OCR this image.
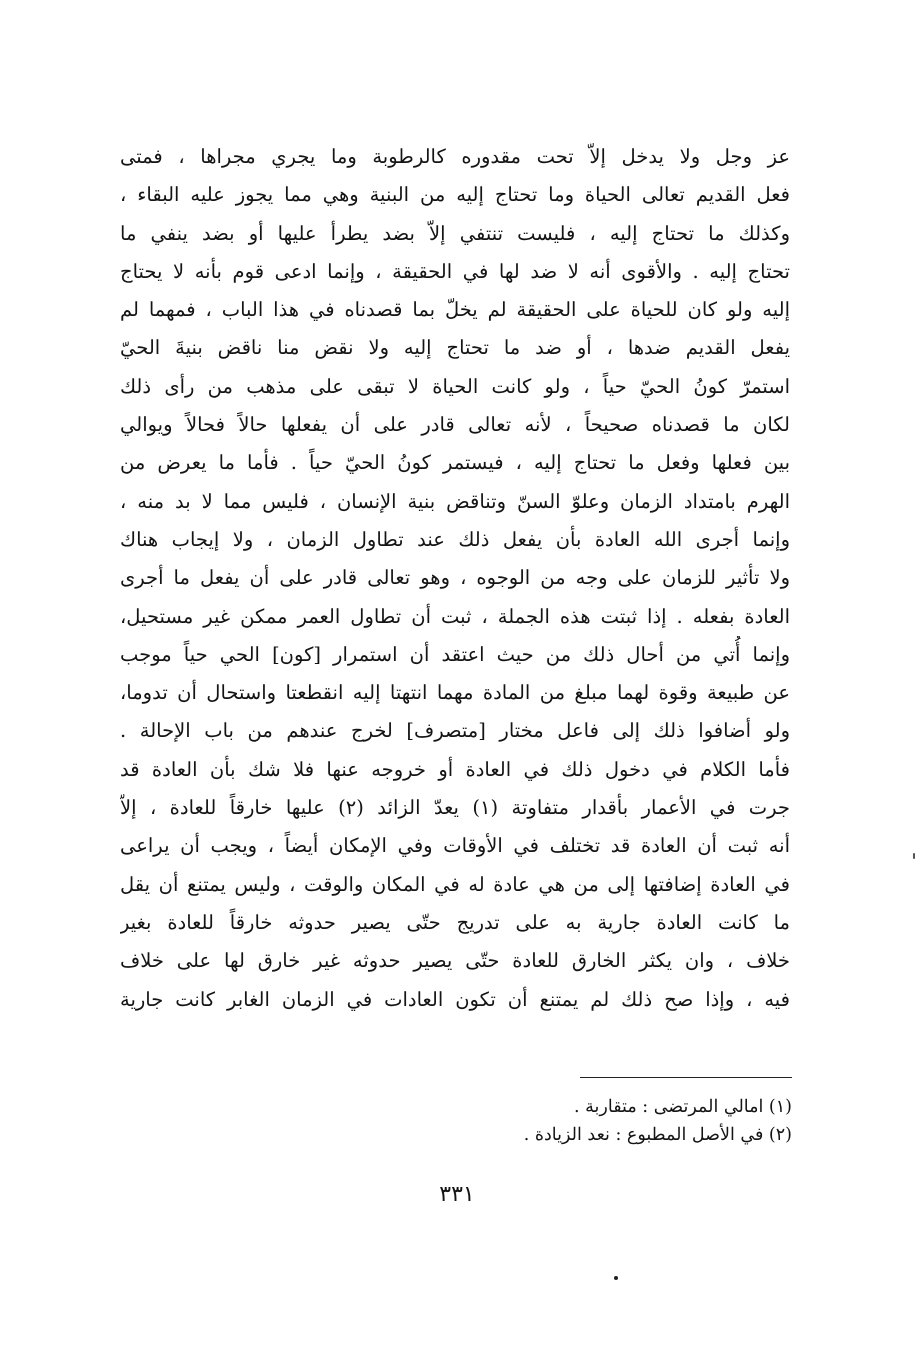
عز وجل ولا يدخل إلاّ تحت مقدوره كالرطوبة وما يجري مجراها ، فمتى
فعل القديم تعالى الحياة وما تحتاج إليه من البنية وهي مما يجوز عليه البقاء ،
وكذلك ما تحتاج إليه ، فليست تنتفي إلاّ بضد يطرأ عليها أو بضد ينفي ما
تحتاج إليه . والأقوى أنه لا ضد لها في الحقيقة ، وإنما ادعى قوم بأنه لا يحتاج
إليه ولو كان للحياة على الحقيقة لم يخلّ بما قصدناه في هذا الباب ، فمهما لم
يفعل القديم ضدها ، أو ضد ما تحتاج إليه ولا نقض منا ناقض بنيةَ الحيّ
استمرّ كونُ الحيّ حياً ، ولو كانت الحياة لا تبقى على مذهب من رأى ذلك
لكان ما قصدناه صحيحاً ، لأنه تعالى قادر على أن يفعلها حالاً فحالاً ويوالي
بين فعلها وفعل ما تحتاج إليه ، فيستمر كونُ الحيّ حياً . فأما ما يعرض من
الهرم بامتداد الزمان وعلوّ السنّ وتناقض بنية الإنسان ، فليس مما لا بد منه ،
وإنما أجرى الله العادة بأن يفعل ذلك عند تطاول الزمان ، ولا إيجاب هناك
ولا تأثير للزمان على وجه من الوجوه ، وهو تعالى قادر على أن يفعل ما أجرى
العادة بفعله . إذا ثبتت هذه الجملة ، ثبت أن تطاول العمر ممكن غير مستحيل،
وإنما أُتي من أحال ذلك من حيث اعتقد أن استمرار [كون] الحي حياً موجب
عن طبيعة وقوة لهما مبلغ من المادة مهما انتهتا إليه انقطعتا واستحال أن تدوما،
ولو أضافوا ذلك إلى فاعل مختار [متصرف] لخرج عندهم من باب الإحالة .
فأما الكلام في دخول ذلك في العادة أو خروجه عنها فلا شك بأن العادة قد
جرت في الأعمار بأقدار متفاوتة (١) يعدّ الزائد (٢) عليها خارقاً للعادة ، إلاّ
أنه ثبت أن العادة قد تختلف في الأوقات وفي الإمكان أيضاً ، ويجب أن يراعى
في العادة إضافتها إلى من هي عادة له في المكان والوقت ، وليس يمتنع أن يقل
ما كانت العادة جارية به على تدريج حتّى يصير حدوثه خارقاً للعادة بغير
خلاف ، وان يكثر الخارق للعادة حتّى يصير حدوثه غير خارق لها على خلاف
فيه ، وإذا صح ذلك لم يمتنع أن تكون العادات في الزمان الغابر كانت جارية
(١) امالي المرتضى : متقاربة .
(٢) في الأصل المطبوع : نعد الزيادة .
٣٣١
